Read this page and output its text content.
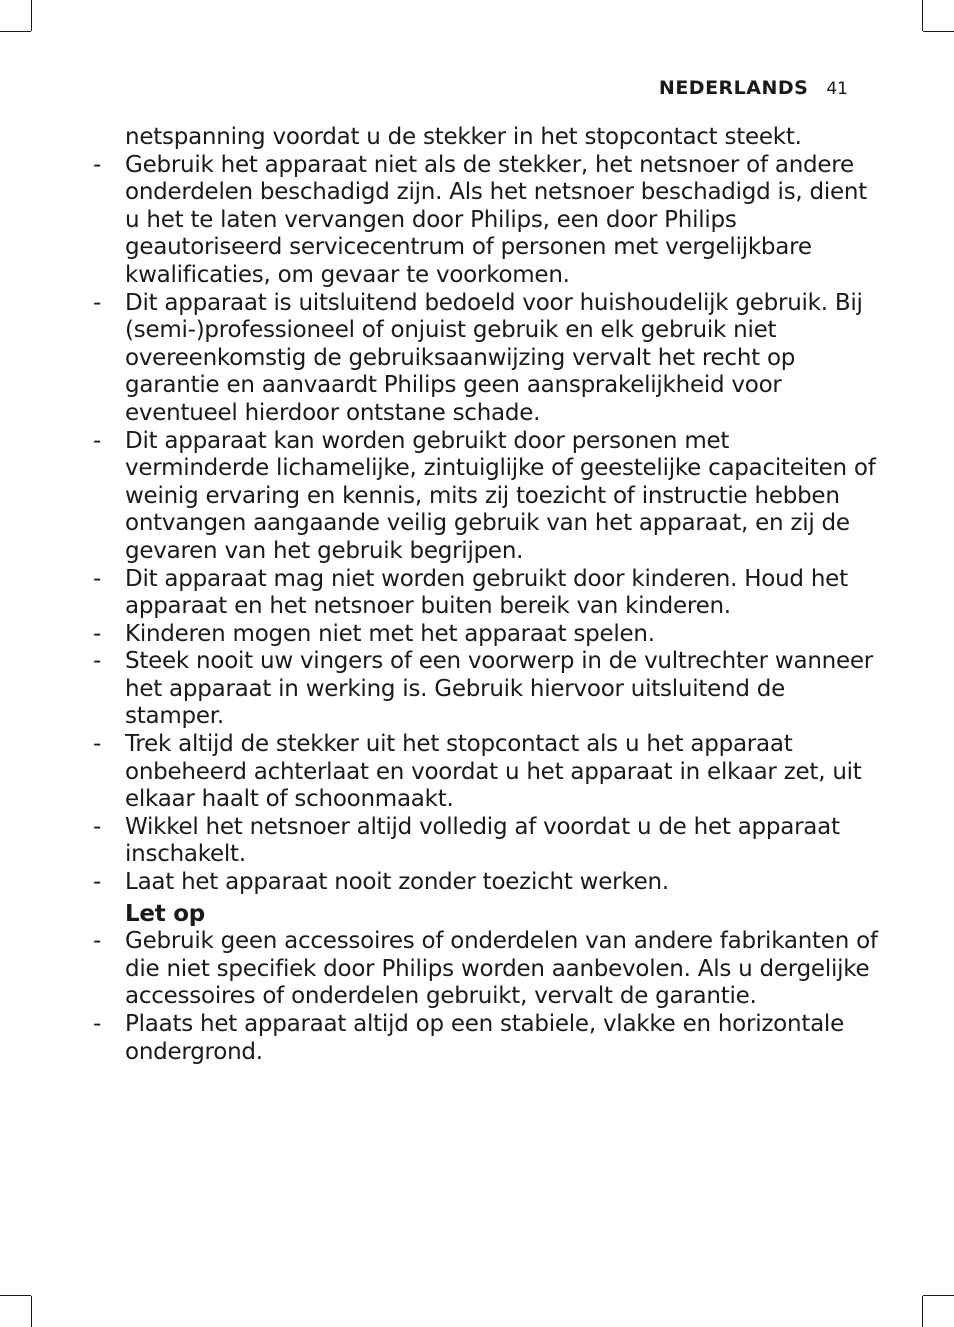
NEDERLANDS 41
netspanning voordat u de stekker in het stopcontact steekt.
-	Gebruik het apparaat niet als de stekker, het netsnoer of andere onderdelen beschadigd zijn. Als het netsnoer beschadigd is, dient u het te laten vervangen door Philips, een door Philips geautoriseerd servicecentrum of personen met vergelijkbare kwalificaties, om gevaar te voorkomen.
-	Dit apparaat is uitsluitend bedoeld voor huishoudelijk gebruik. Bij (semi-)professioneel of onjuist gebruik en elk gebruik niet overeenkomstig de gebruiksaanwijzing vervalt het recht op garantie en aanvaardt Philips geen aansprakelijkheid voor eventueel hierdoor ontstane schade.
-	Dit apparaat kan worden gebruikt door personen met verminderde lichamelijke, zintuiglijke of geestelijke capaciteiten of weinig ervaring en kennis, mits zij toezicht of instructie hebben ontvangen aangaande veilig gebruik van het apparaat, en zij de gevaren van het gebruik begrijpen.
-	Dit apparaat mag niet worden gebruikt door kinderen. Houd het apparaat en het netsnoer buiten bereik van kinderen.
-	Kinderen mogen niet met het apparaat spelen.
-	Steek nooit uw vingers of een voorwerp in de vultrechter wanneer het apparaat in werking is. Gebruik hiervoor uitsluitend de stamper.
-	Trek altijd de stekker uit het stopcontact als u het apparaat onbeheerd achterlaat en voordat u het apparaat in elkaar zet, uit elkaar haalt of schoonmaakt.
-	Wikkel het netsnoer altijd volledig af voordat u de het apparaat inschakelt.
-	Laat het apparaat nooit zonder toezicht werken.
Let op
-	Gebruik geen accessoires of onderdelen van andere fabrikanten of die niet specifiek door Philips worden aanbevolen. Als u dergelijke accessoires of onderdelen gebruikt, vervalt de garantie.
-	Plaats het apparaat altijd op een stabiele, vlakke en horizontale ondergrond.
